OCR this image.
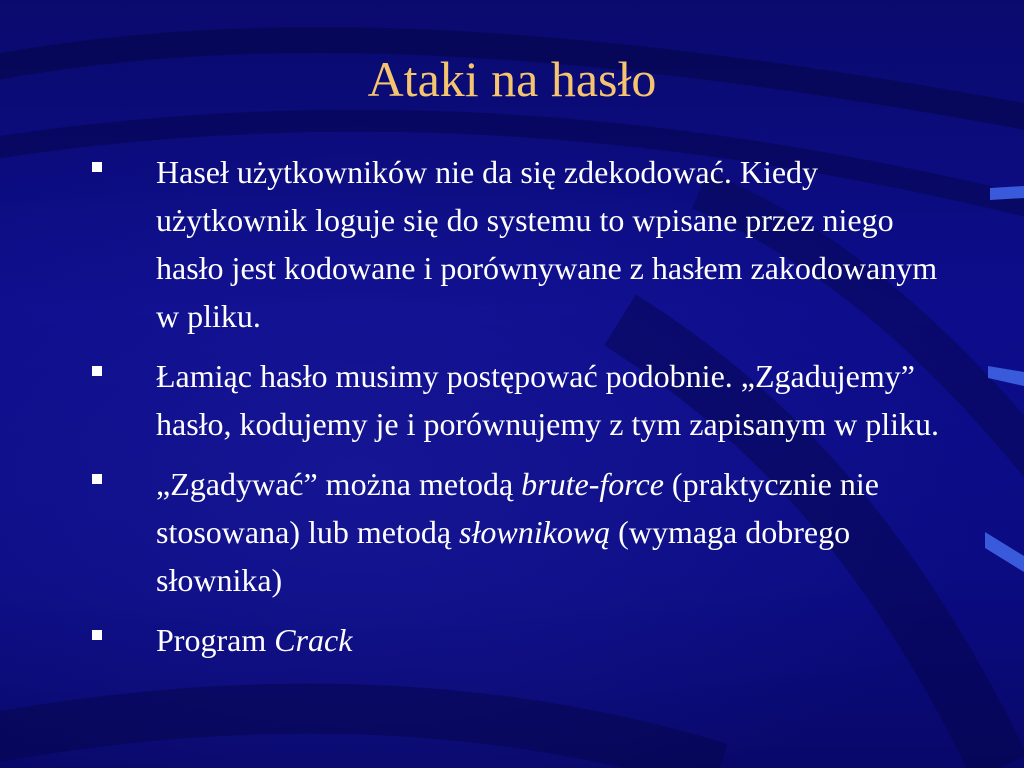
Ataki na hasło
Haseł użytkowników nie da się zdekodować. Kiedy użytkownik loguje się do systemu to wpisane przez niego hasło jest kodowane i porównywane z hasłem zakodowanym w pliku.
Łamiąc hasło musimy postępować podobnie. „Zgadujemy” hasło, kodujemy je i porównujemy z tym zapisanym w pliku.
„Zgadywać” można metodą brute-force (praktycznie nie stosowana) lub metodą słownikową (wymaga dobrego słownika)
Program Crack
